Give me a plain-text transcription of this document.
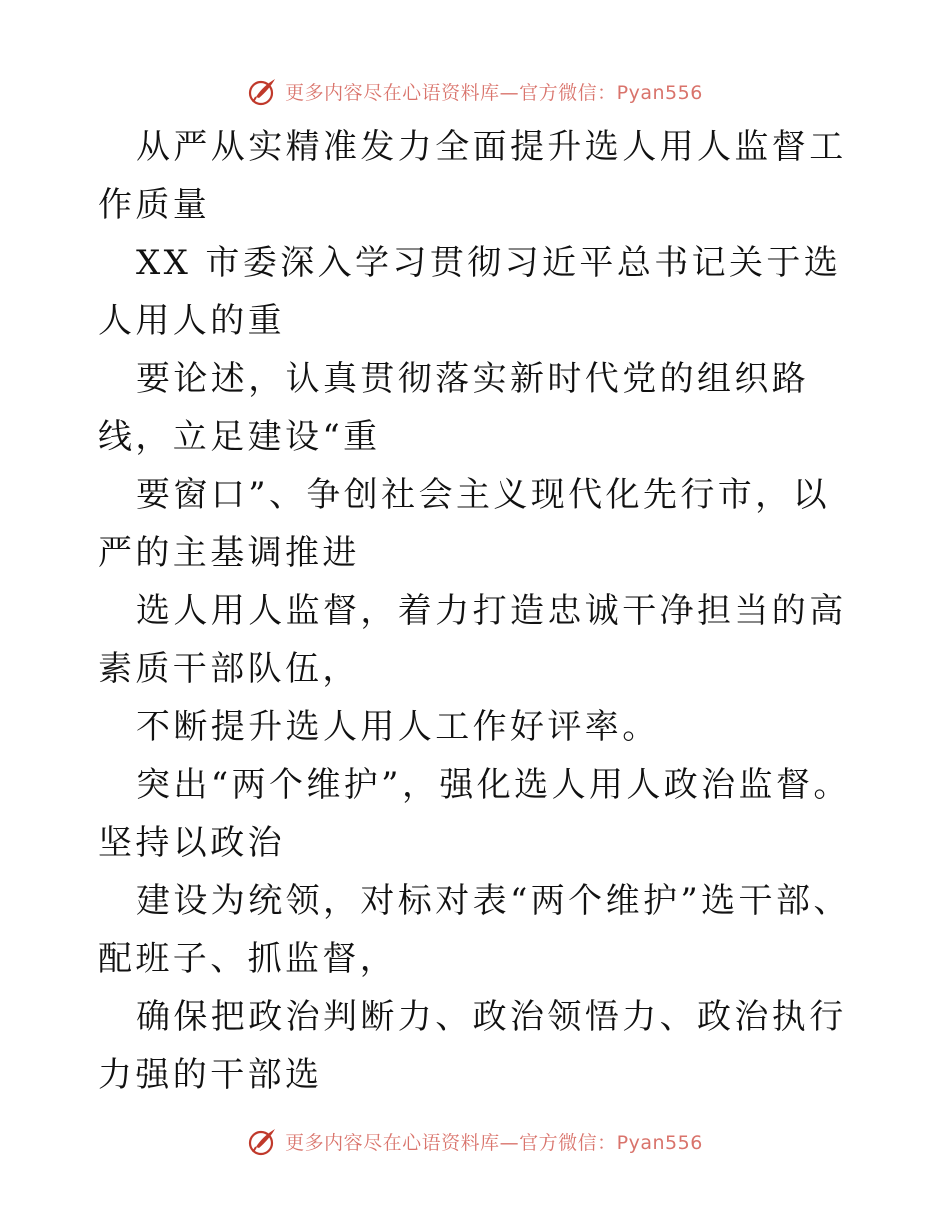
更多内容尽在心语资料库—官方微信：Pyan556

从严从实精准发力全面提升选人用人监督工作质量

XX 市委深入学习贯彻习近平总书记关于选人用人的重

要论述，认真贯彻落实新时代党的组织路线，立足建设“重

要窗口”、争创社会主义现代化先行市，以严的主基调推进

选人用人监督，着力打造忠诚干净担当的高素质干部队伍，

不断提升选人用人工作好评率。

突出“两个维护”，强化选人用人政治监督。坚持以政治

建设为统领，对标对表“两个维护”选干部、配班子、抓监督，

确保把政治判断力、政治领悟力、政治执行力强的干部选

更多内容尽在心语资料库—官方微信：Pyan556
